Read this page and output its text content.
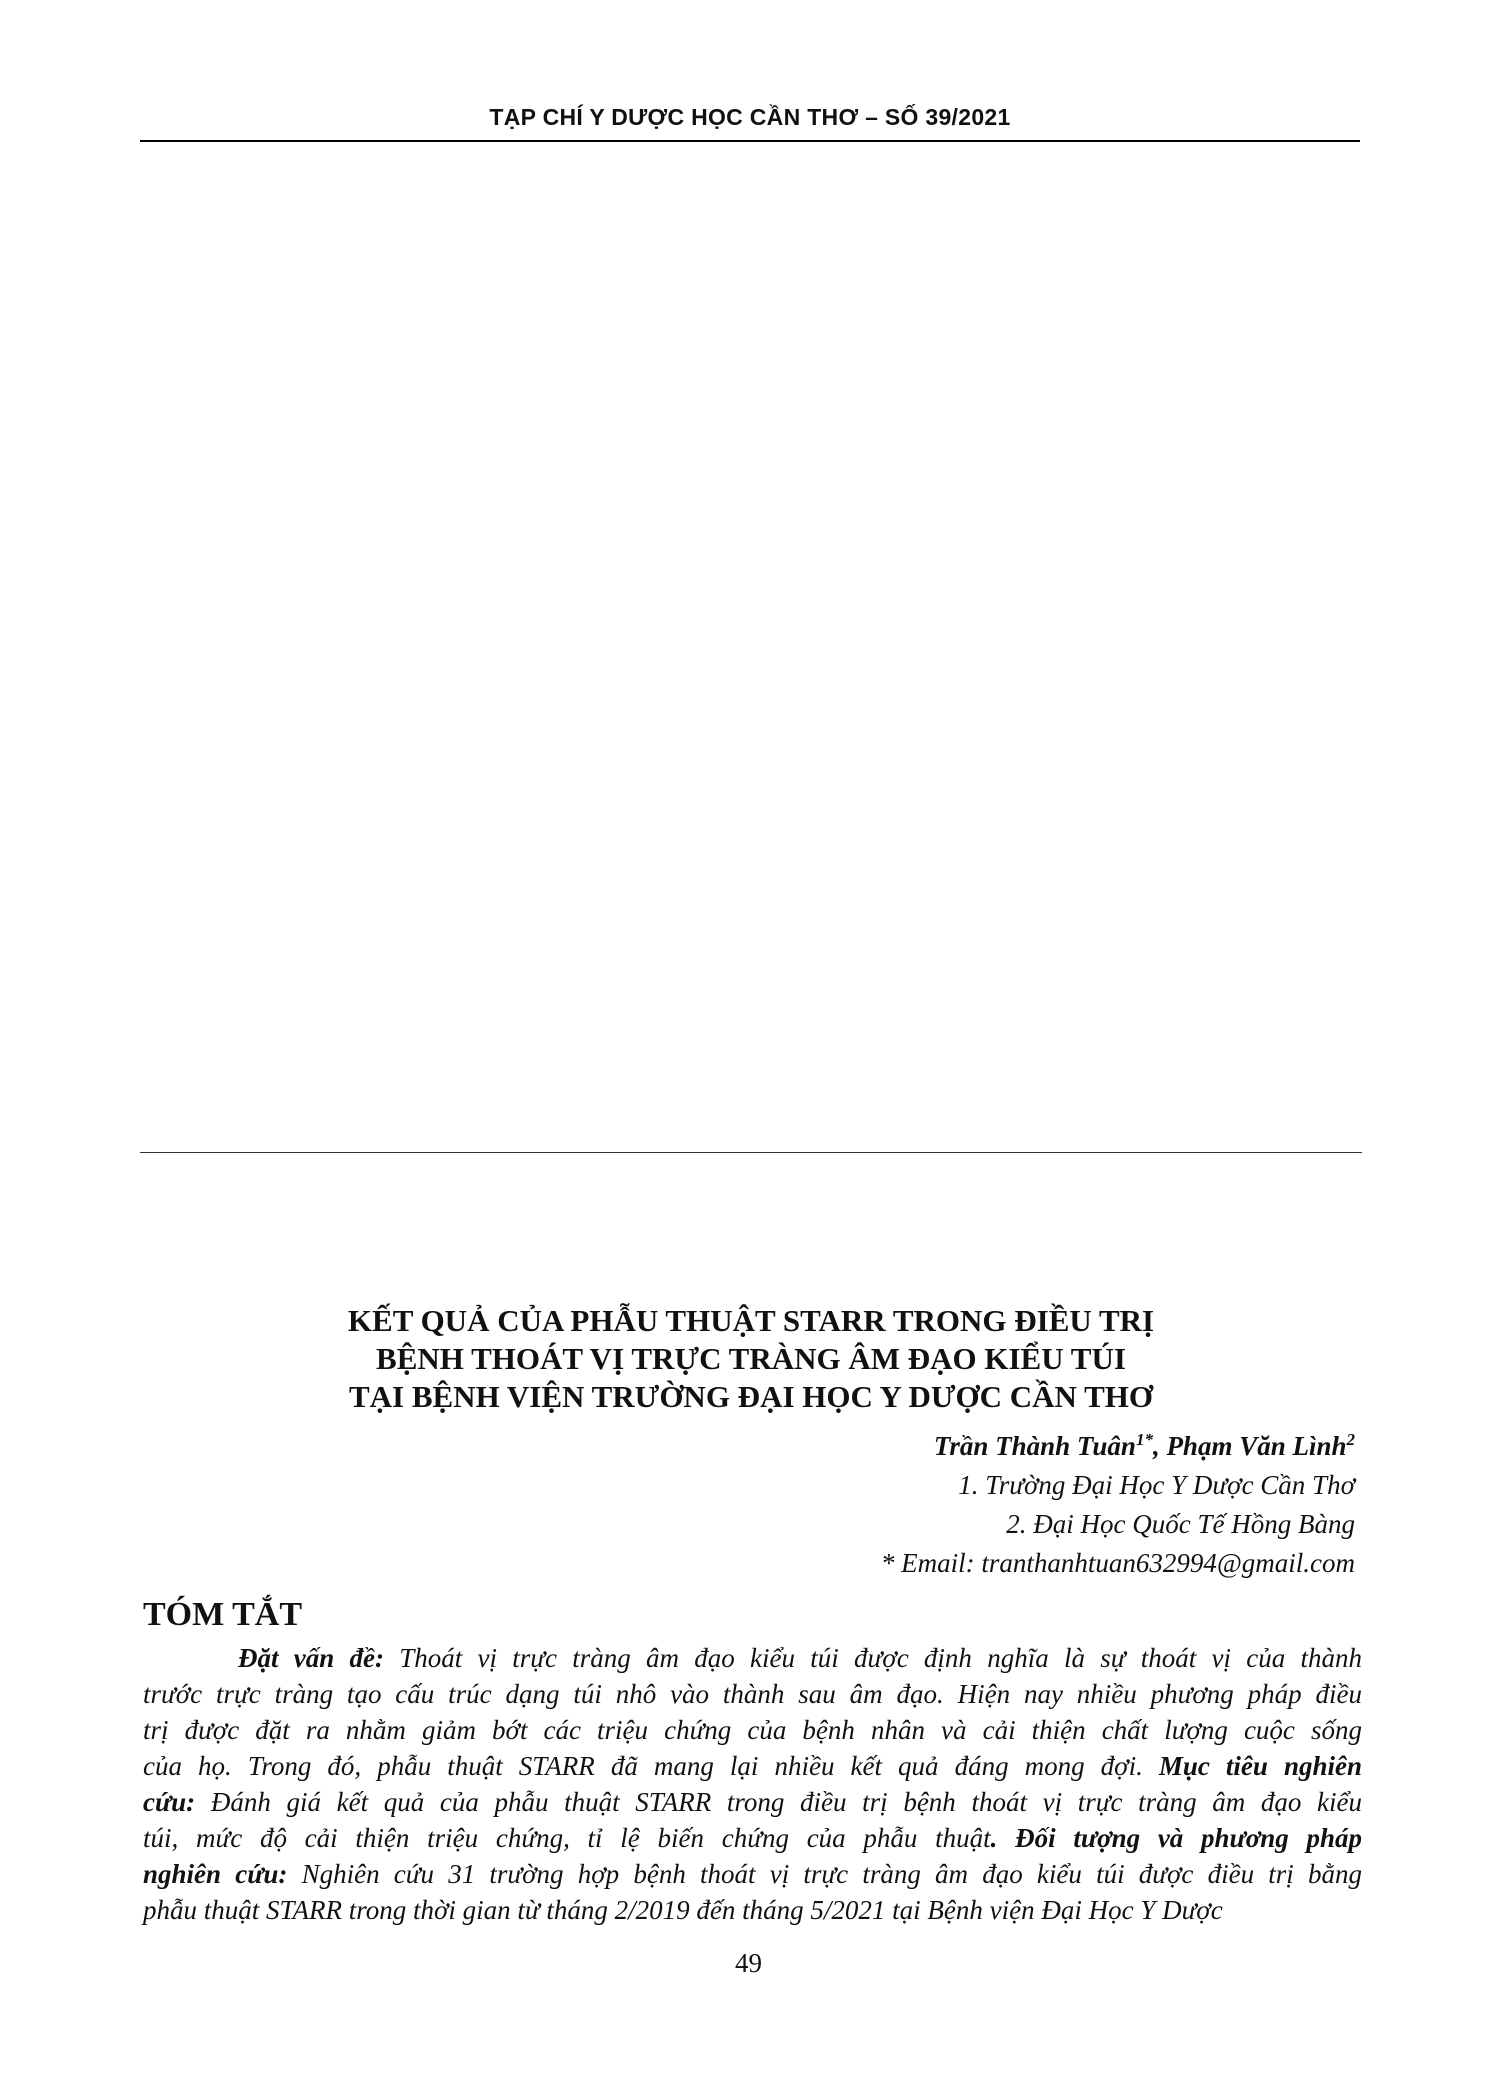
TẠP CHÍ Y DƯỢC HỌC CẦN THƠ – SỐ 39/2021
KẾT QUẢ CỦA PHẪU THUẬT STARR TRONG ĐIỀU TRỊ
BỆNH THOÁT VỊ TRỰC TRÀNG ÂM ĐẠO KIỂU TÚI
TẠI BỆNH VIỆN TRƯỜNG ĐẠI HỌC Y DƯỢC CẦN THƠ
Trần Thành Tuân$^{1*}$, Phạm Văn Lình$^2$
1. Trường Đại Học Y Dược Cần Thơ
2. Đại Học Quốc Tế Hồng Bàng
* Email: tranthanhtuan632994@gmail.com
TÓM TẮT
Đặt vấn đề: Thoát vị trực tràng âm đạo kiểu túi được định nghĩa là sự thoát vị của thành
trước trực tràng tạo cấu trúc dạng túi nhô vào thành sau âm đạo. Hiện nay nhiều phương pháp điều
trị được đặt ra nhằm giảm bớt các triệu chứng của bệnh nhân và cải thiện chất lượng cuộc sống
của họ. Trong đó, phẫu thuật STARR đã mang lại nhiều kết quả đáng mong đợi. Mục tiêu nghiên
cứu: Đánh giá kết quả của phẫu thuật STARR trong điều trị bệnh thoát vị trực tràng âm đạo kiểu
túi, mức độ cải thiện triệu chứng, tỉ lệ biến chứng của phẫu thuật. Đối tượng và phương pháp
nghiên cứu: Nghiên cứu 31 trường hợp bệnh thoát vị trực tràng âm đạo kiểu túi được điều trị bằng
phẫu thuật STARR trong thời gian từ tháng 2/2019 đến tháng 5/2021 tại Bệnh viện Đại Học Y Dược
49
